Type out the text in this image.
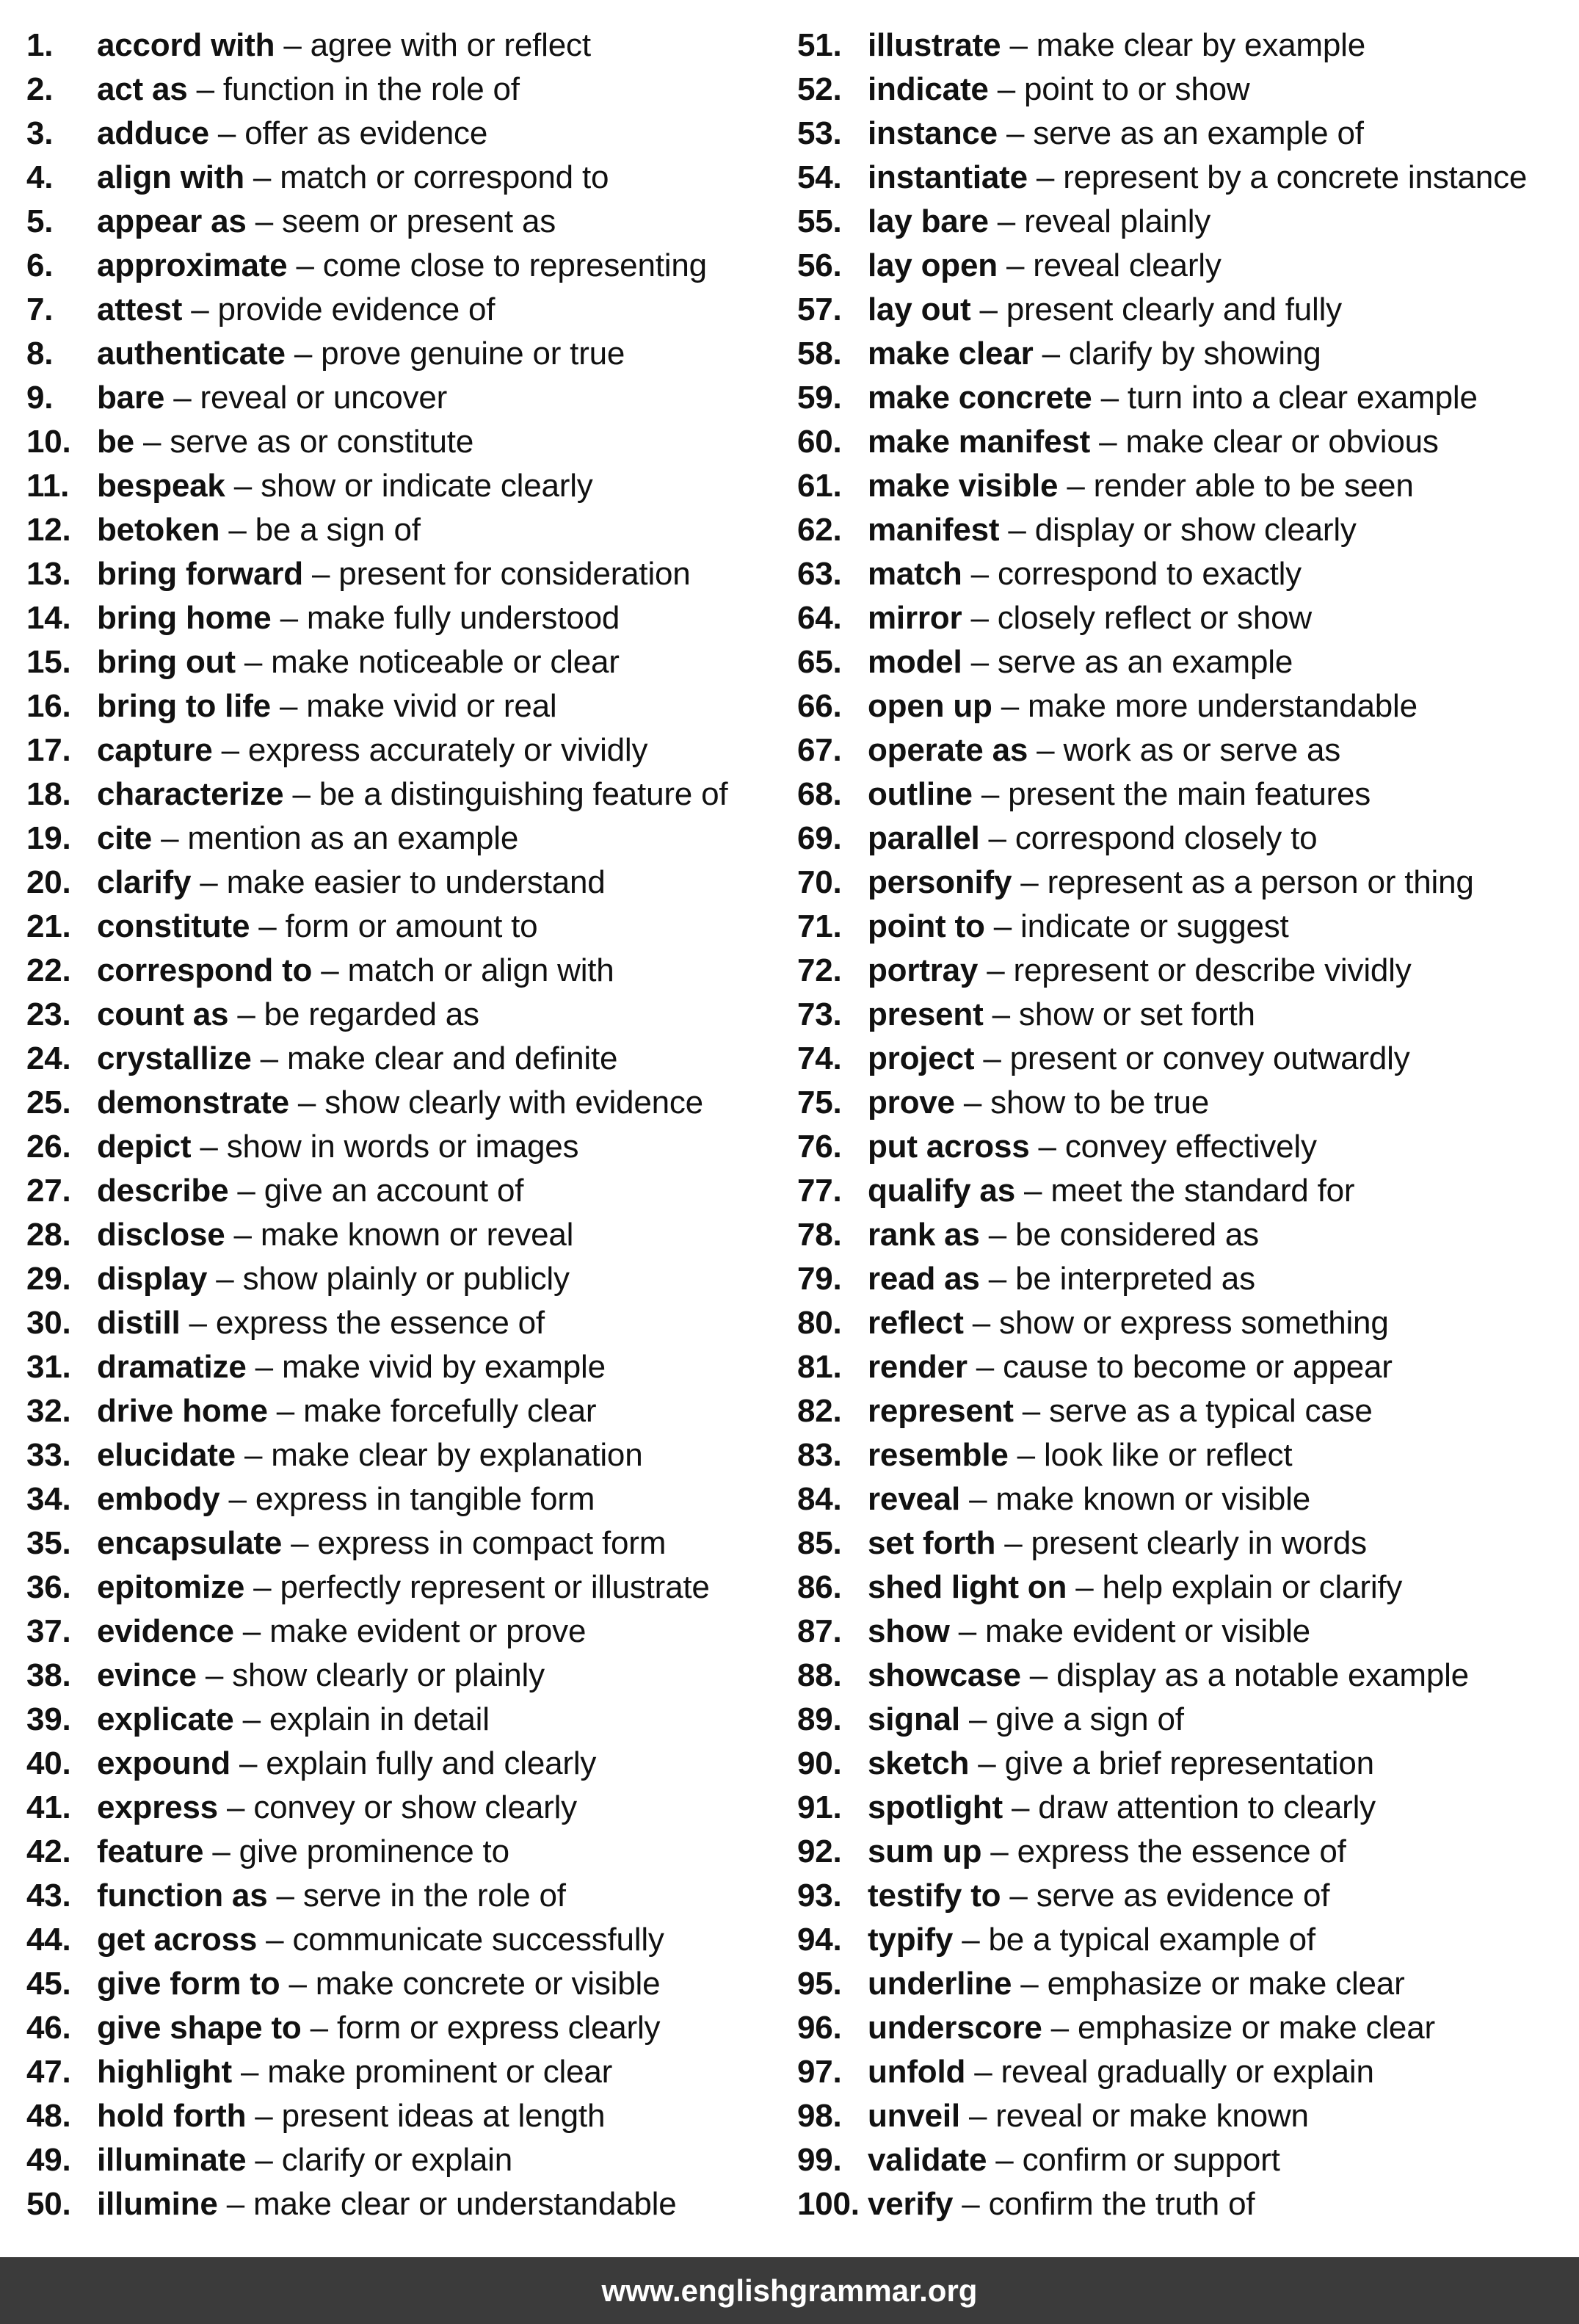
1. accord with – agree with or reflect
2. act as – function in the role of
3. adduce – offer as evidence
4. align with – match or correspond to
5. appear as – seem or present as
6. approximate – come close to representing
7. attest – provide evidence of
8. authenticate – prove genuine or true
9. bare – reveal or uncover
10. be – serve as or constitute
11. bespeak – show or indicate clearly
12. betoken – be a sign of
13. bring forward – present for consideration
14. bring home – make fully understood
15. bring out – make noticeable or clear
16. bring to life – make vivid or real
17. capture – express accurately or vividly
18. characterize – be a distinguishing feature of
19. cite – mention as an example
20. clarify – make easier to understand
21. constitute – form or amount to
22. correspond to – match or align with
23. count as – be regarded as
24. crystallize – make clear and definite
25. demonstrate – show clearly with evidence
26. depict – show in words or images
27. describe – give an account of
28. disclose – make known or reveal
29. display – show plainly or publicly
30. distill – express the essence of
31. dramatize – make vivid by example
32. drive home – make forcefully clear
33. elucidate – make clear by explanation
34. embody – express in tangible form
35. encapsulate – express in compact form
36. epitomize – perfectly represent or illustrate
37. evidence – make evident or prove
38. evince – show clearly or plainly
39. explicate – explain in detail
40. expound – explain fully and clearly
41. express – convey or show clearly
42. feature – give prominence to
43. function as – serve in the role of
44. get across – communicate successfully
45. give form to – make concrete or visible
46. give shape to – form or express clearly
47. highlight – make prominent or clear
48. hold forth – present ideas at length
49. illuminate – clarify or explain
50. illumine – make clear or understandable
51. illustrate – make clear by example
52. indicate – point to or show
53. instance – serve as an example of
54. instantiate – represent by a concrete instance
55. lay bare – reveal plainly
56. lay open – reveal clearly
57. lay out – present clearly and fully
58. make clear – clarify by showing
59. make concrete – turn into a clear example
60. make manifest – make clear or obvious
61. make visible – render able to be seen
62. manifest – display or show clearly
63. match – correspond to exactly
64. mirror – closely reflect or show
65. model – serve as an example
66. open up – make more understandable
67. operate as – work as or serve as
68. outline – present the main features
69. parallel – correspond closely to
70. personify – represent as a person or thing
71. point to – indicate or suggest
72. portray – represent or describe vividly
73. present – show or set forth
74. project – present or convey outwardly
75. prove – show to be true
76. put across – convey effectively
77. qualify as – meet the standard for
78. rank as – be considered as
79. read as – be interpreted as
80. reflect – show or express something
81. render – cause to become or appear
82. represent – serve as a typical case
83. resemble – look like or reflect
84. reveal – make known or visible
85. set forth – present clearly in words
86. shed light on – help explain or clarify
87. show – make evident or visible
88. showcase – display as a notable example
89. signal – give a sign of
90. sketch – give a brief representation
91. spotlight – draw attention to clearly
92. sum up – express the essence of
93. testify to – serve as evidence of
94. typify – be a typical example of
95. underline – emphasize or make clear
96. underscore – emphasize or make clear
97. unfold – reveal gradually or explain
98. unveil – reveal or make known
99. validate – confirm or support
100. verify – confirm the truth of
www.englishgrammar.org
